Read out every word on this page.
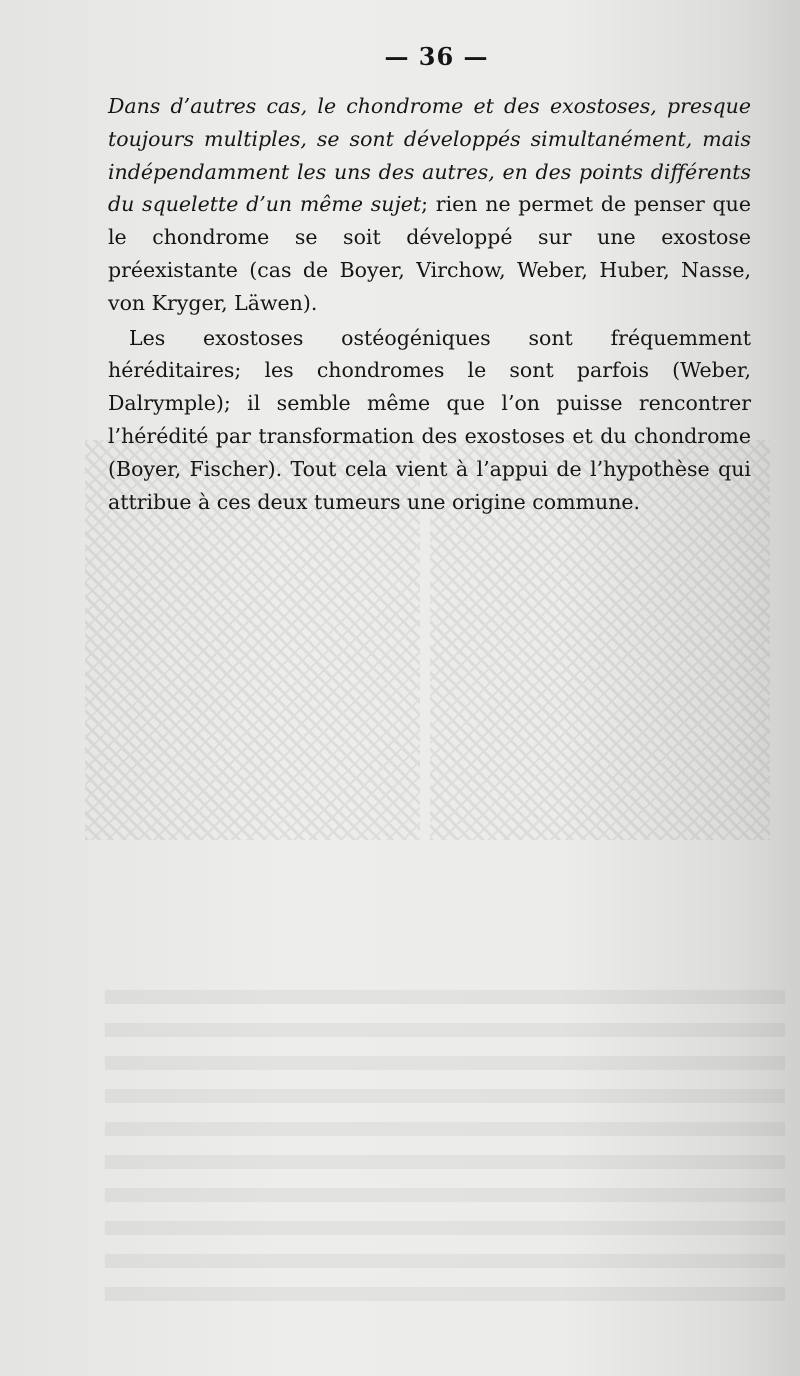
— 36 —

Dans d’autres cas, le chondrome et des exostoses, presque toujours multiples, se sont développés simultanément, mais indépendamment les uns des autres, en des points différents du squelette d’un même sujet; rien ne permet de penser que le chondrome se soit développé sur une exostose préexistante (cas de Boyer, Virchow, Weber, Huber, Nasse, von Kryger, Läwen).

Les exostoses ostéogéniques sont fréquemment héréditaires; les chondromes le sont parfois (Weber, Dalrymple); il semble même que l’on puisse rencontrer l’hérédité par transformation des exostoses et du chondrome (Boyer, Fischer). Tout cela vient à l’appui de l’hypothèse qui attribue à ces deux tumeurs une origine commune.
